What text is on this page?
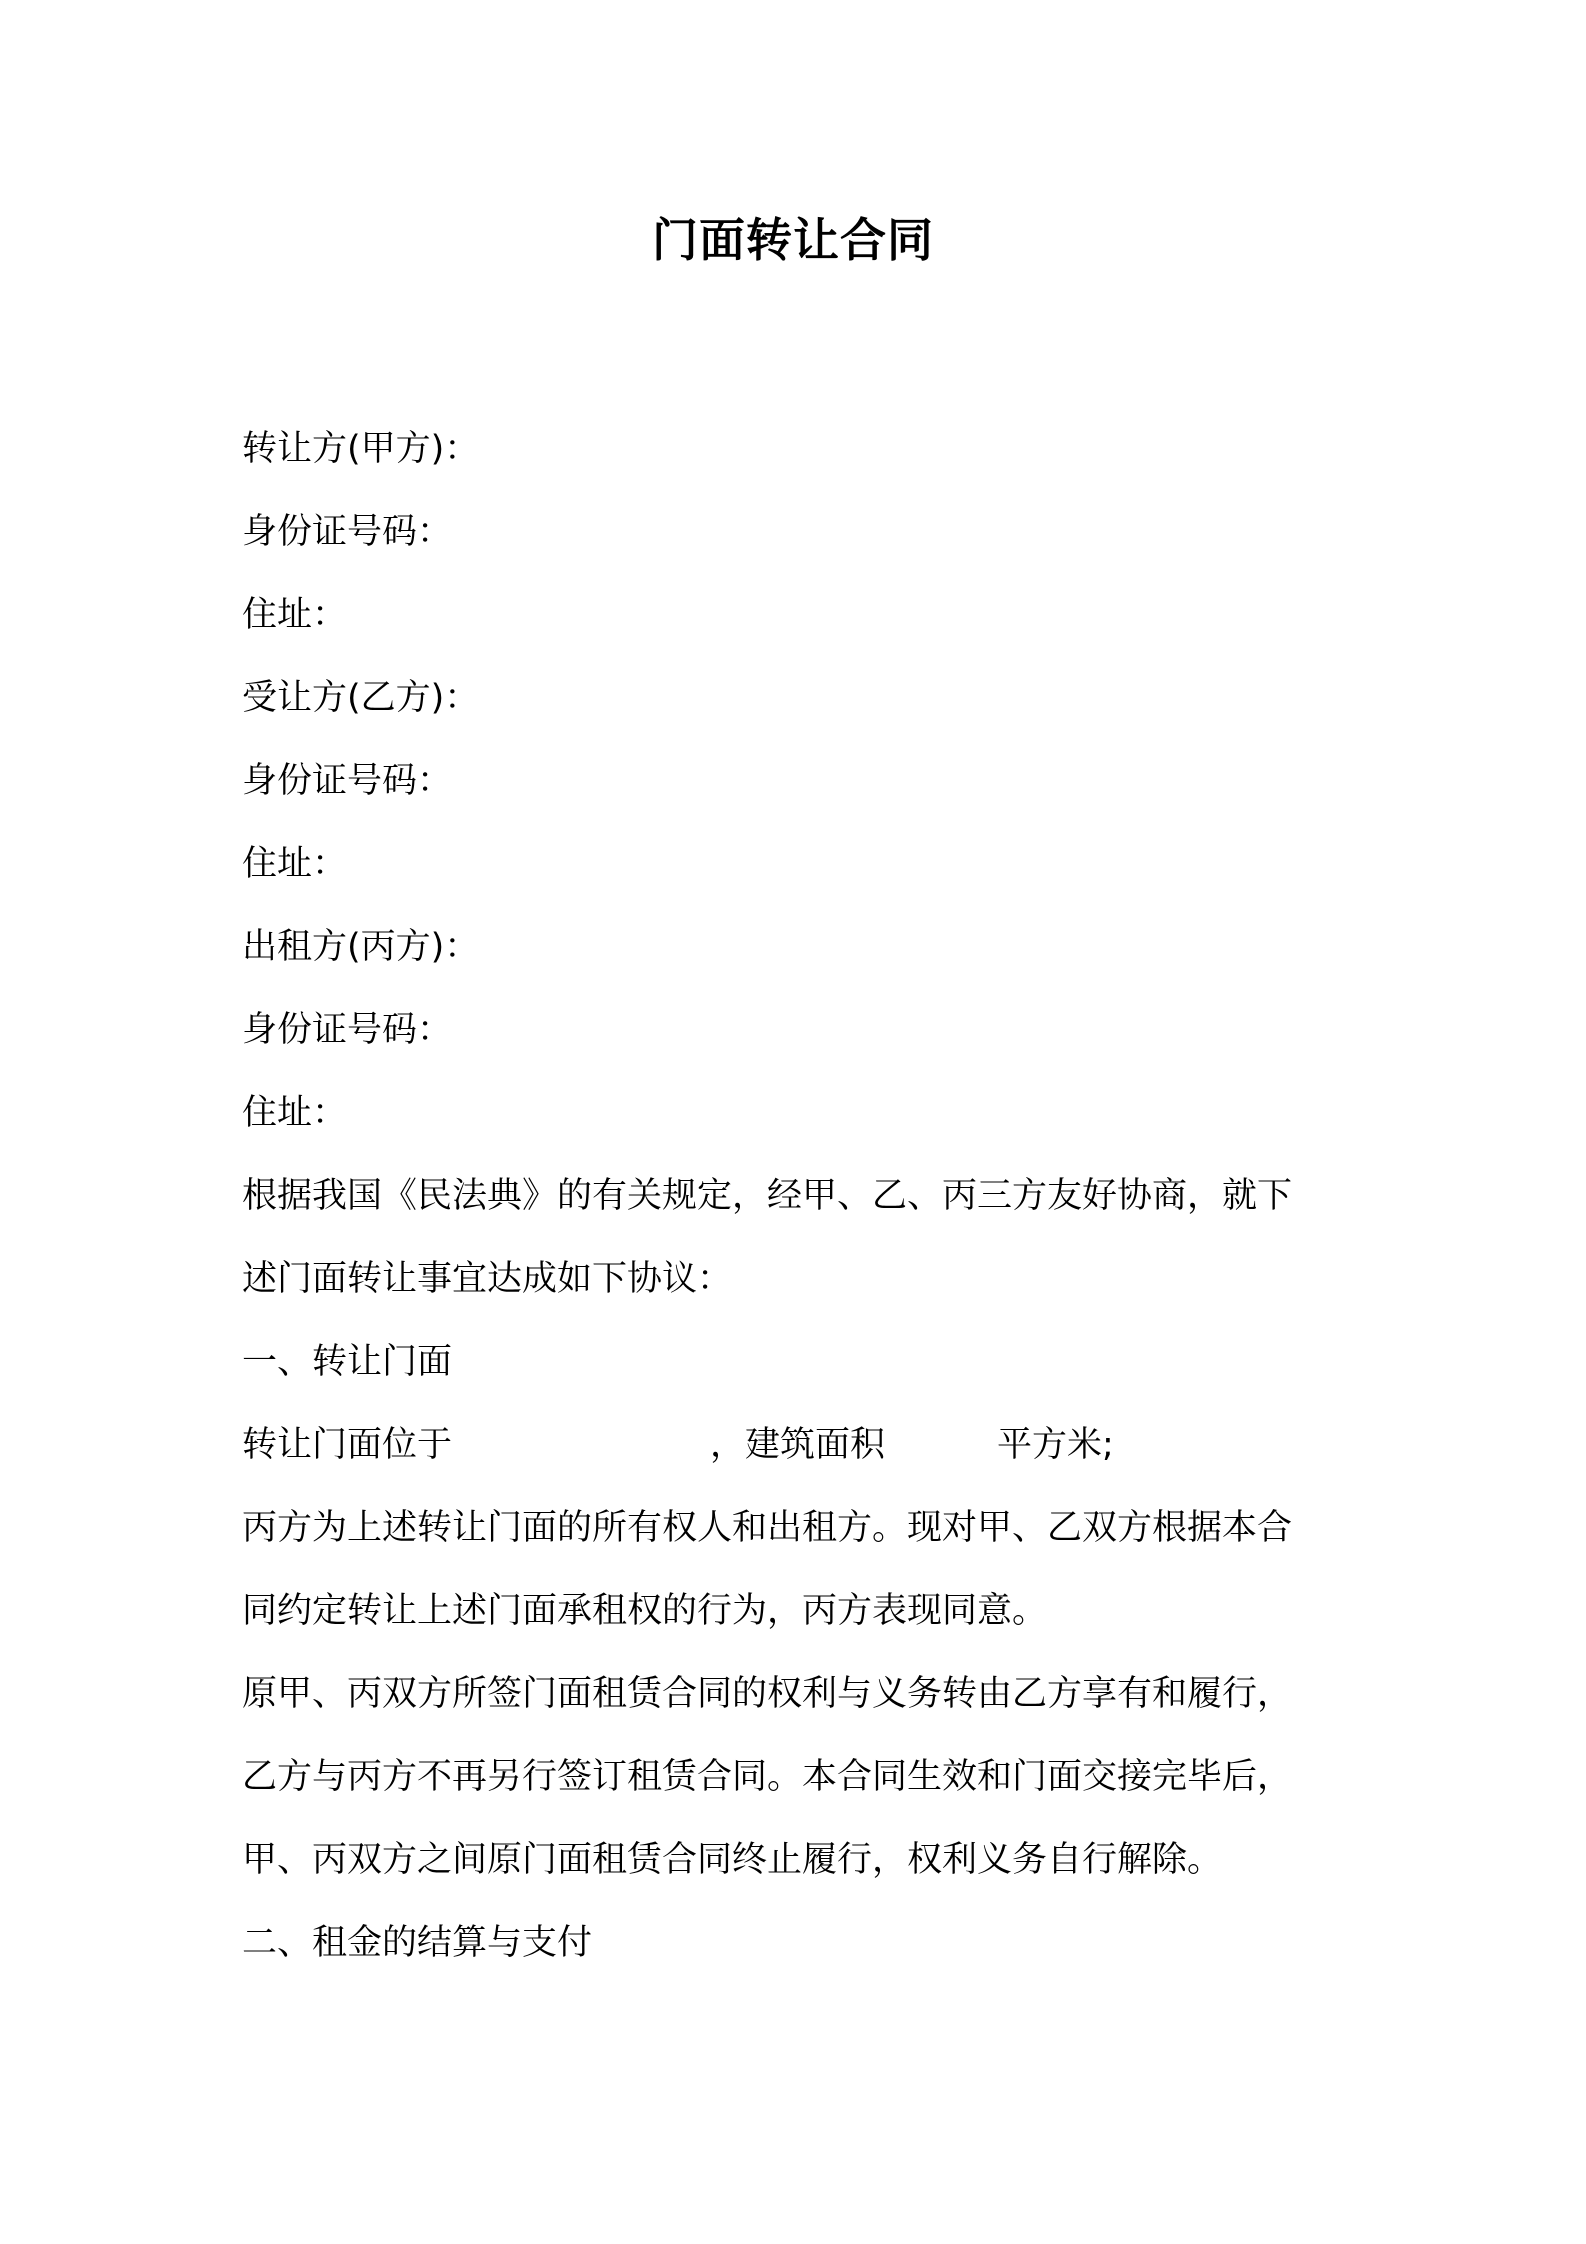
门面转让合同
转让方(甲方)：
身份证号码：
住址：
受让方(乙方)：
身份证号码：
住址：
出租方(丙方)：
身份证号码：
住址：
根据我国《民法典》的有关规定，经甲、乙、丙三方友好协商，就下
述门面转让事宜达成如下协议：
一、转让门面
转让门面位于	，建筑面积	平方米;
丙方为上述转让门面的所有权人和出租方。现对甲、乙双方根据本合
同约定转让上述门面承租权的行为，丙方表现同意。
原甲、丙双方所签门面租赁合同的权利与义务转由乙方享有和履行，
乙方与丙方不再另行签订租赁合同。本合同生效和门面交接完毕后，
甲、丙双方之间原门面租赁合同终止履行，权利义务自行解除。
二、租金的结算与支付
